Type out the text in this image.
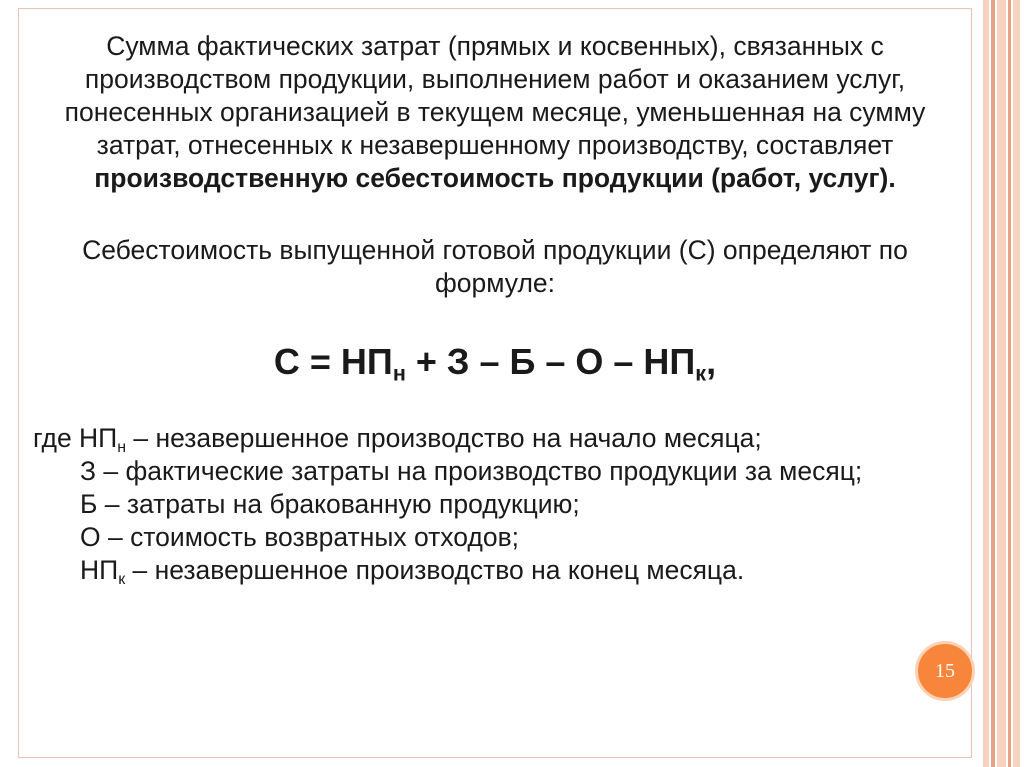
Сумма фактических затрат (прямых и косвенных), связанных с
производством продукции, выполнением работ и оказанием услуг,
понесенных организацией в текущем месяце, уменьшенная на сумму
затрат, отнесенных к незавершенному производству, составляет
производственную себестоимость продукции (работ, услуг).
Себестоимость выпущенной готовой продукции (С) определяют по
формуле:
$С = НП_н + З - Б - О - НП_к$,
где $НП_н$ – незавершенное производство на начало месяца;
З – фактические затраты на производство продукции за месяц;
Б – затраты на бракованную продукцию;
О – стоимость возвратных отходов;
$НП_к$ – незавершенное производство на конец месяца.
15
